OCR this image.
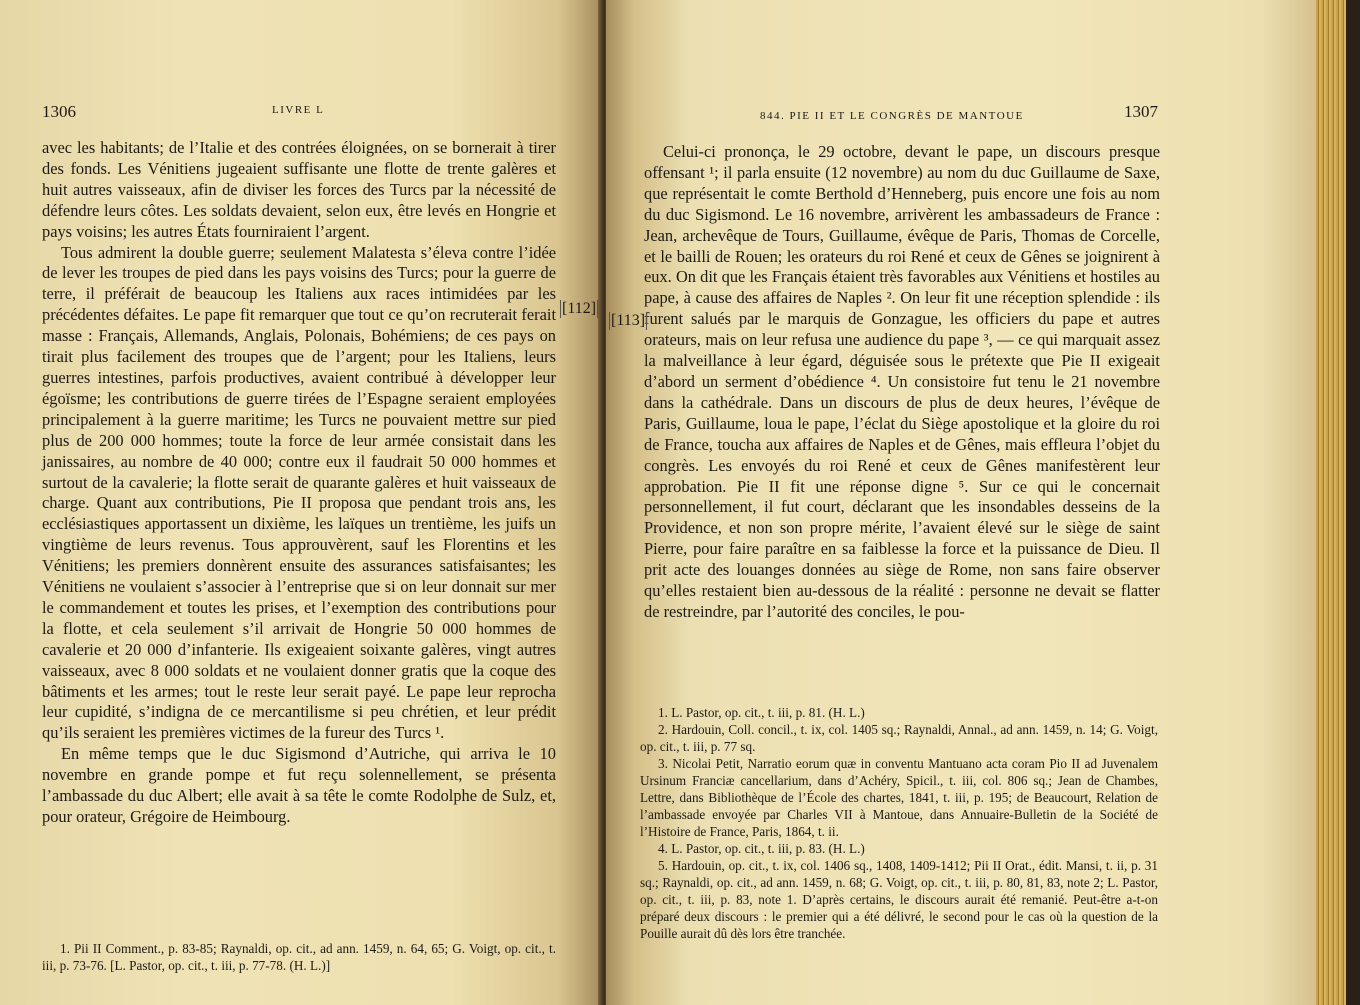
1306	LIVRE L

avec les habitants; de l’Italie et des contrées éloignées, on se bornerait à tirer des fonds. Les Vénitiens jugeaient suffisante une flotte de trente galères et huit autres vaisseaux, afin de diviser les forces des Turcs par la nécessité de défendre leurs côtes. Les soldats devaient, selon eux, être levés en Hongrie et pays voisins; les autres États fourniraient l’argent.

Tous admirent la double guerre; seulement Malatesta s’éleva contre l’idée de lever les troupes de pied dans les pays voisins des Turcs; pour la guerre de terre, il préférait de beaucoup les Italiens aux races intimidées par les précédentes défaites. Le pape fit remarquer que tout ce qu’on recruterait ferait masse : Français, Allemands, Anglais, Polonais, Bohémiens; de ces pays on tirait plus facilement des troupes que de l’argent; pour les Italiens, leurs guerres intestines, parfois productives, avaient contribué à développer leur égoïsme; les contributions de guerre tirées de l’Espagne seraient employées principalement à la guerre maritime; les Turcs ne pouvaient mettre sur pied plus de 200 000 hommes; toute la force de leur armée consistait dans les janissaires, au nombre de 40 000; contre eux il faudrait 50 000 hommes et surtout de la cavalerie; la flotte serait de quarante galères et huit vaisseaux de charge. Quant aux contributions, Pie II proposa que pendant trois ans, les ecclésiastiques apportassent un dixième, les laïques un trentième, les juifs un vingtième de leurs revenus. Tous approuvèrent, sauf les Florentins et les Vénitiens; les premiers donnèrent ensuite des assurances satisfaisantes; les Vénitiens ne voulaient s’associer à l’entreprise que si on leur donnait sur mer le commandement et toutes les prises, et l’exemption des contributions pour la flotte, et cela seulement s’il arrivait de Hongrie 50 000 hommes de cavalerie et 20 000 d’infanterie. Ils exigeaient soixante galères, vingt autres vaisseaux, avec 8 000 soldats et ne voulaient donner gratis que la coque des bâtiments et les armes; tout le reste leur serait payé. Le pape leur reprocha leur cupidité, s’indigna de ce mercantilisme si peu chrétien, et leur prédit qu’ils seraient les premières victimes de la fureur des Turcs ¹.

En même temps que le duc Sigismond d’Autriche, qui arriva le 10 novembre en grande pompe et fut reçu solennellement, se présenta l’ambassade du duc Albert; elle avait à sa tête le comte Rodolphe de Sulz, et, pour orateur, Grégoire de Heimbourg.

1. Pii II Comment., p. 83-85; Raynaldi, op. cit., ad ann. 1459, n. 64, 65; G. Voigt, op. cit., t. iii, p. 73-76. [L. Pastor, op. cit., t. iii, p. 77-78. (H. L.)]

[112]
844. PIE II ET LE CONGRÈS DE MANTOUE	1307

Celui-ci prononça, le 29 octobre, devant le pape, un discours presque offensant ¹; il parla ensuite (12 novembre) au nom du duc Guillaume de Saxe, que représentait le comte Berthold d’Henneberg, puis encore une fois au nom du duc Sigismond. Le 16 novembre, arrivèrent les ambassadeurs de France : Jean, archevêque de Tours, Guillaume, évêque de Paris, Thomas de Corcelle, et le bailli de Rouen; les orateurs du roi René et ceux de Gênes se joignirent à eux. On dit que les Français étaient très favorables aux Vénitiens et hostiles au pape, à cause des affaires de Naples ². On leur fit une réception splendide : ils furent salués par le marquis de Gonzague, les officiers du pape et autres orateurs, mais on leur refusa une audience du pape ³, — ce qui marquait assez la malveillance à leur égard, déguisée sous le prétexte que Pie II exigeait d’abord un serment d’obédience ⁴. Un consistoire fut tenu le 21 novembre dans la cathédrale. Dans un discours de plus de deux heures, l’évêque de Paris, Guillaume, loua le pape, l’éclat du Siège apostolique et la gloire du roi de France, toucha aux affaires de Naples et de Gênes, mais effleura l’objet du congrès. Les envoyés du roi René et ceux de Gênes manifestèrent leur approbation. Pie II fit une réponse digne ⁵. Sur ce qui le concernait personnellement, il fut court, déclarant que les insondables desseins de la Providence, et non son propre mérite, l’avaient élevé sur le siège de saint Pierre, pour faire paraître en sa faiblesse la force et la puissance de Dieu. Il prit acte des louanges données au siège de Rome, non sans faire observer qu’elles restaient bien au-dessous de la réalité : personne ne devait se flatter de restreindre, par l’autorité des conciles, le pou-

1. L. Pastor, op. cit., t. iii, p. 81. (H. L.)

2. Hardouin, Coll. concil., t. ix, col. 1405 sq.; Raynaldi, Annal., ad ann. 1459, n. 14; G. Voigt, op. cit., t. iii, p. 77 sq.

3. Nicolai Petit, Narratio eorum quæ in conventu Mantuano acta coram Pio II ad Juvenalem Ursinum Franciæ cancellarium, dans d’Achéry, Spicil., t. iii, col. 806 sq.; Jean de Chambes, Lettre, dans Bibliothèque de l’École des chartes, 1841, t. iii, p. 195; de Beaucourt, Relation de l’ambassade envoyée par Charles VII à Mantoue, dans Annuaire-Bulletin de la Société de l’Histoire de France, Paris, 1864, t. ii.

4. L. Pastor, op. cit., t. iii, p. 83. (H. L.)

5. Hardouin, op. cit., t. ix, col. 1406 sq., 1408, 1409-1412; Pii II Orat., édit. Mansi, t. ii, p. 31 sq.; Raynaldi, op. cit., ad ann. 1459, n. 68; G. Voigt, op. cit., t. iii, p. 80, 81, 83, note 2; L. Pastor, op. cit., t. iii, p. 83, note 1. D’après certains, le discours aurait été remanié. Peut-être a-t-on préparé deux discours : le premier qui a été délivré, le second pour le cas où la question de la Pouille aurait dû dès lors être tranchée.

[113]
